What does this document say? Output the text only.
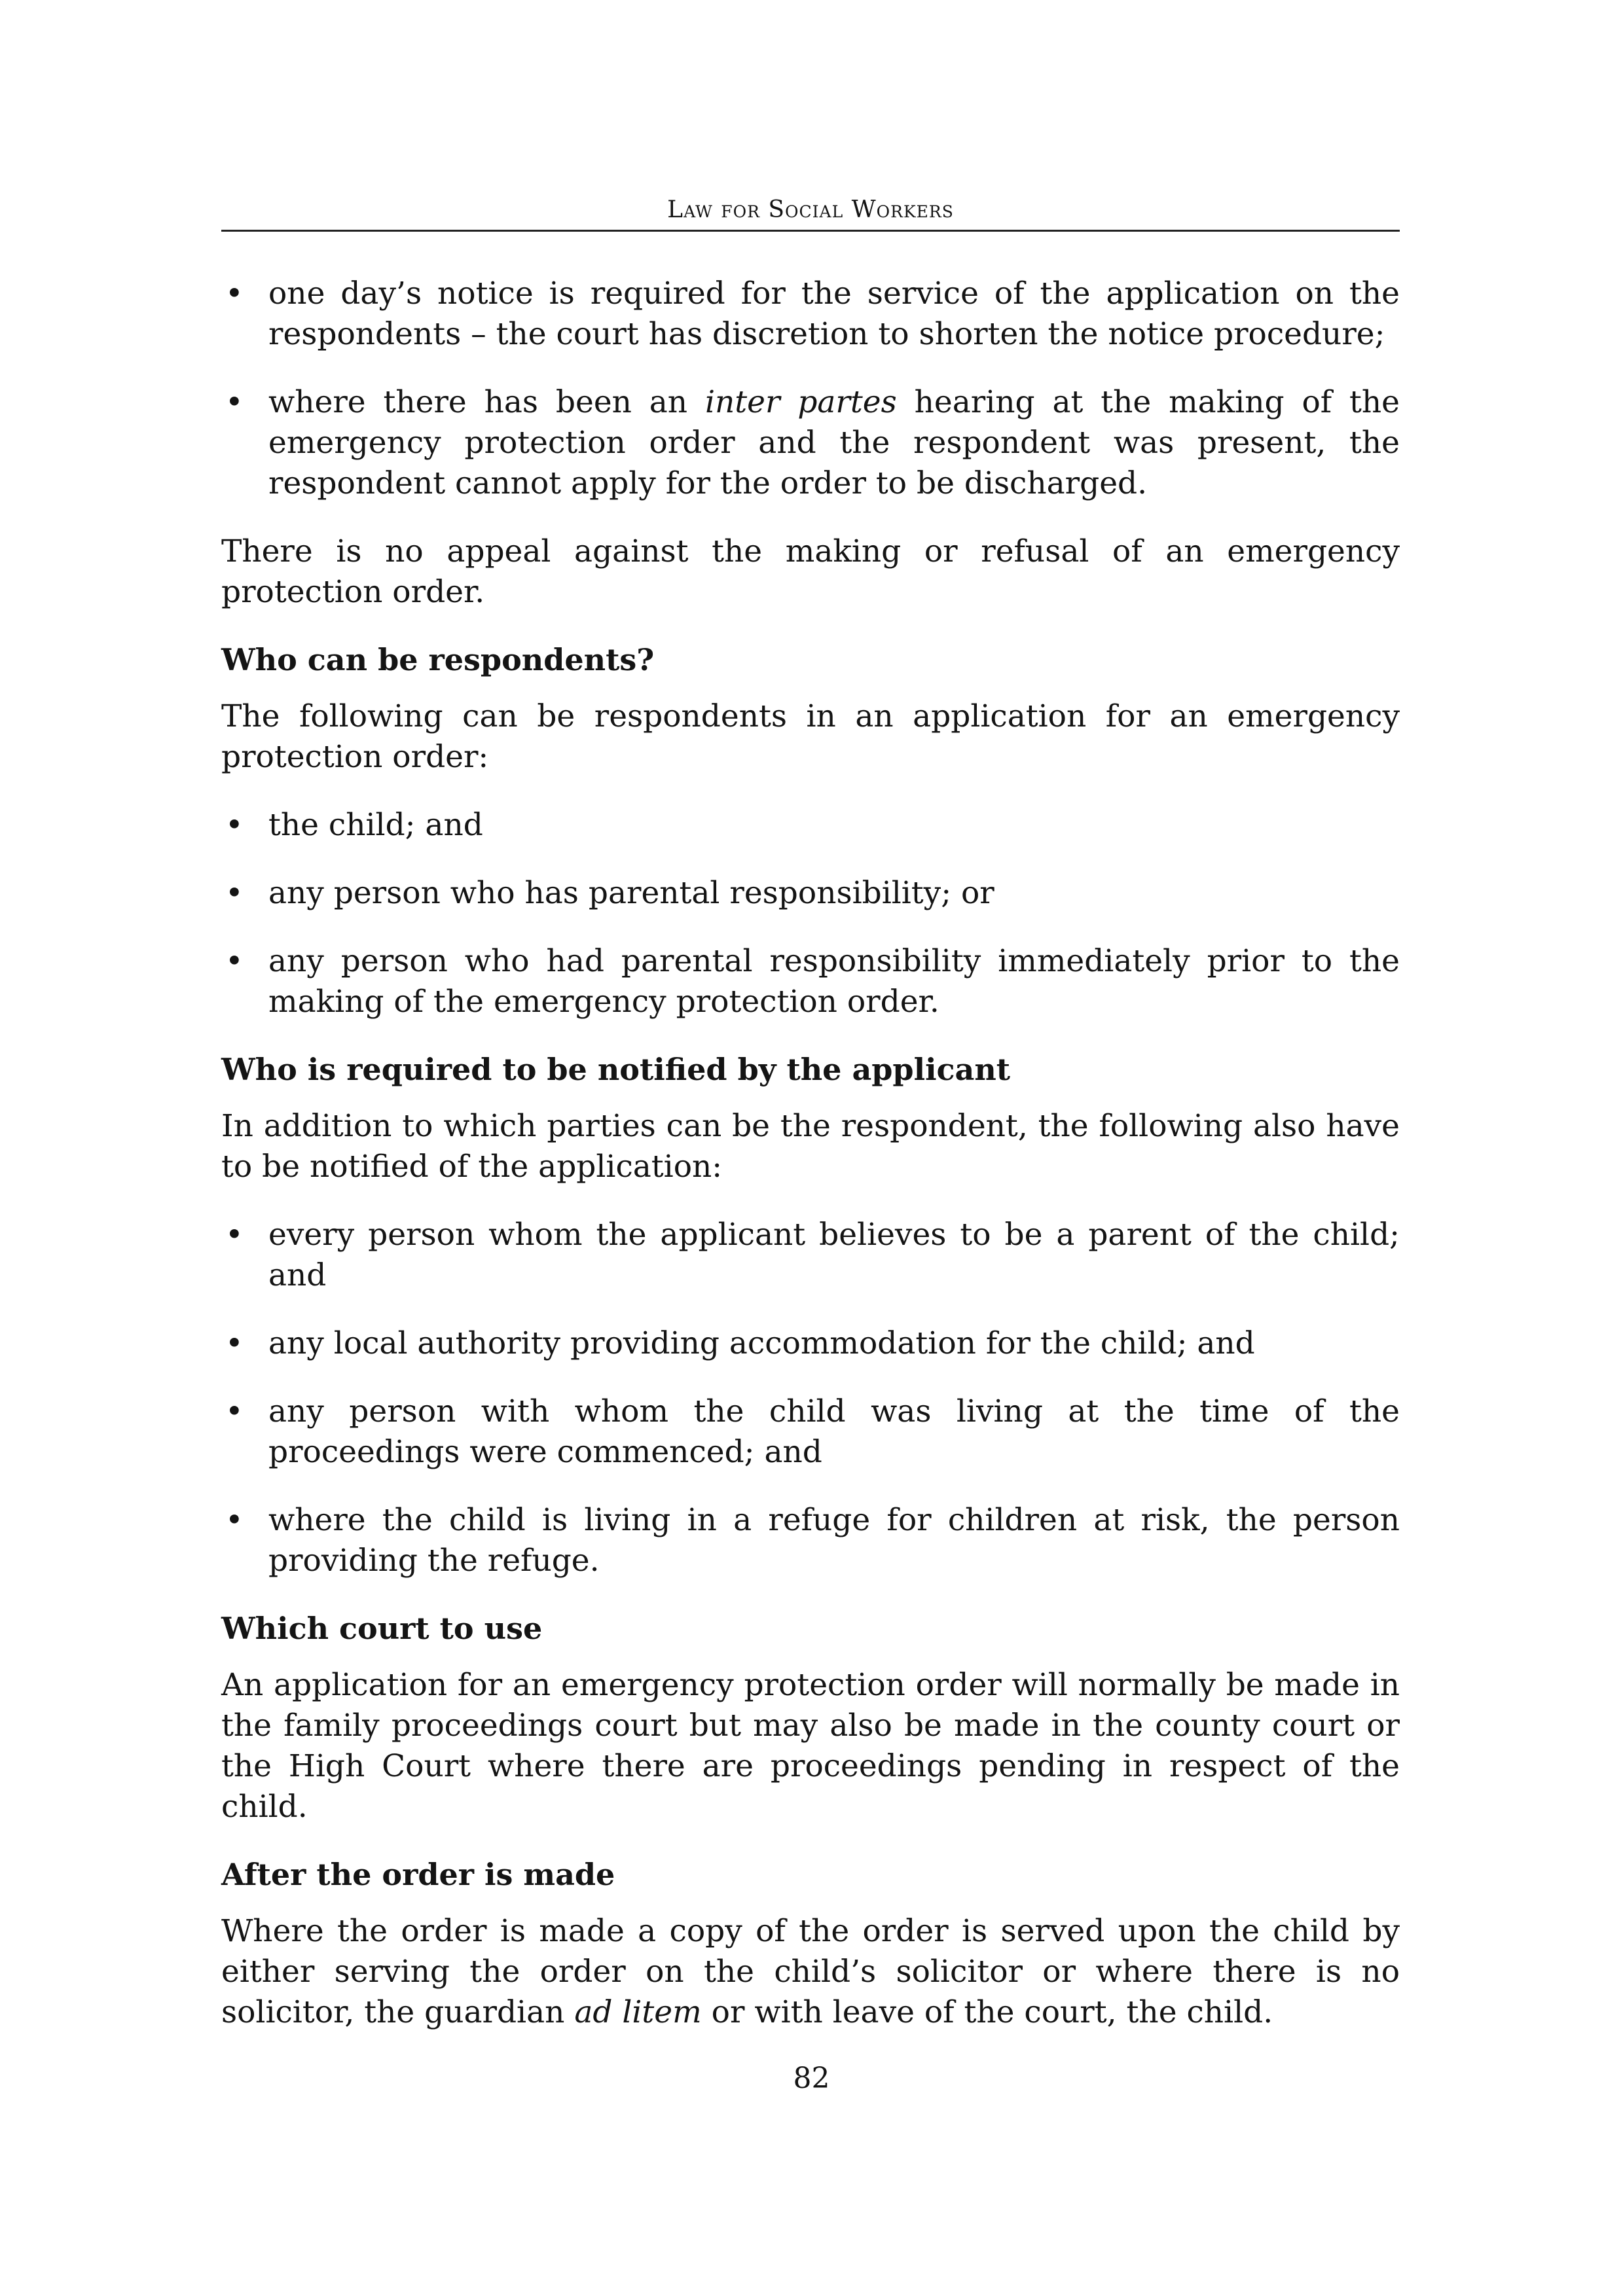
Law for Social Workers
• one day’s notice is required for the service of the application on the respondents – the court has discretion to shorten the notice procedure;
• where there has been an inter partes hearing at the making of the emergency protection order and the respondent was present, the respondent cannot apply for the order to be discharged.

There is no appeal against the making or refusal of an emergency protection order.

Who can be respondents?

The following can be respondents in an application for an emergency protection order:

• the child; and
• any person who has parental responsibility; or
• any person who had parental responsibility immediately prior to the making of the emergency protection order.
Who is required to be notified by the applicant

In addition to which parties can be the respondent, the following also have to be notified of the application:

• every person whom the applicant believes to be a parent of the child; and
• any local authority providing accommodation for the child; and
• any person with whom the child was living at the time of the proceedings were commenced; and
• where the child is living in a refuge for children at risk, the person providing the refuge.
Which court to use

An application for an emergency protection order will normally be made in the family proceedings court but may also be made in the county court or the High Court where there are proceedings pending in respect of the child.

After the order is made

Where the order is made a copy of the order is served upon the child by either serving the order on the child’s solicitor or where there is no solicitor, the guardian ad litem or with leave of the court, the child.

82
